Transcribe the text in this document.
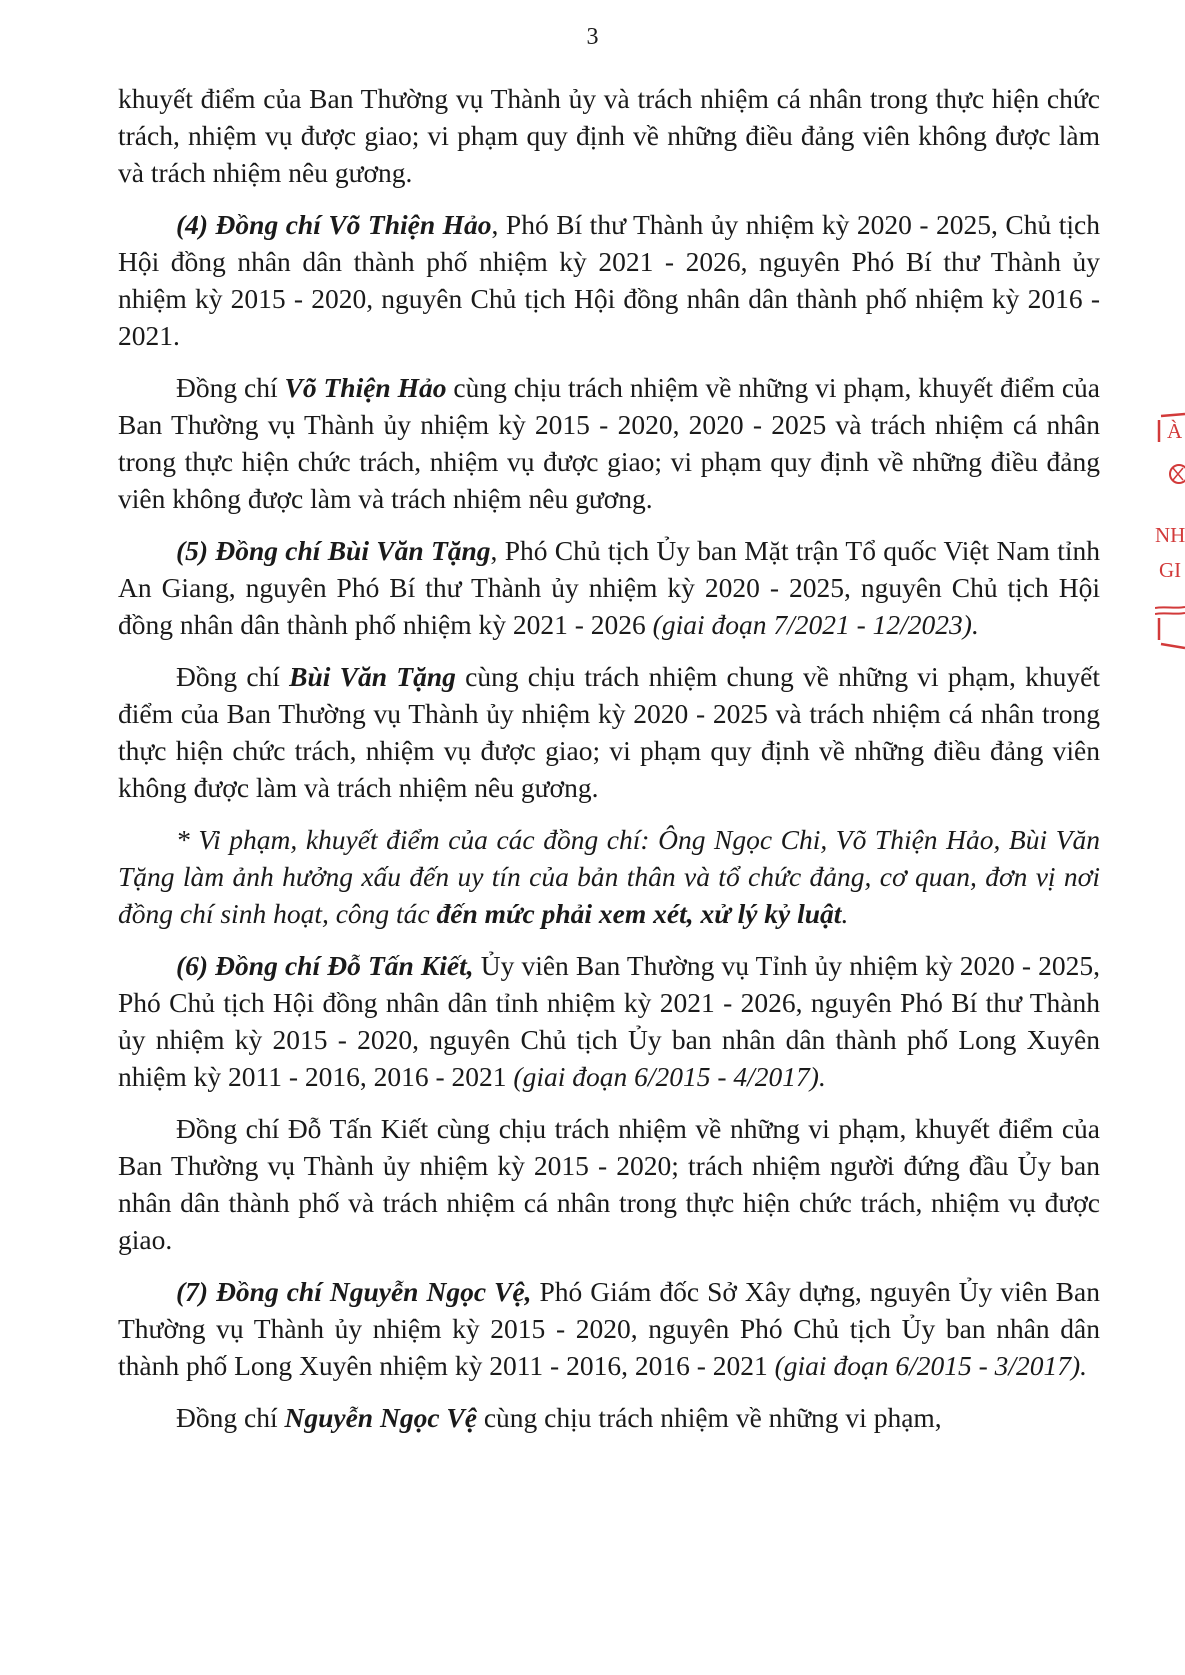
3

khuyết điểm của Ban Thường vụ Thành ủy và trách nhiệm cá nhân trong thực hiện chức trách, nhiệm vụ được giao; vi phạm quy định về những điều đảng viên không được làm và trách nhiệm nêu gương.

(4) Đồng chí Võ Thiện Hảo, Phó Bí thư Thành ủy nhiệm kỳ 2020 - 2025, Chủ tịch Hội đồng nhân dân thành phố nhiệm kỳ 2021 - 2026, nguyên Phó Bí thư Thành ủy nhiệm kỳ 2015 - 2020, nguyên Chủ tịch Hội đồng nhân dân thành phố nhiệm kỳ 2016 - 2021.

Đồng chí Võ Thiện Hảo cùng chịu trách nhiệm về những vi phạm, khuyết điểm của Ban Thường vụ Thành ủy nhiệm kỳ 2015 - 2020, 2020 - 2025 và trách nhiệm cá nhân trong thực hiện chức trách, nhiệm vụ được giao; vi phạm quy định về những điều đảng viên không được làm và trách nhiệm nêu gương.

(5) Đồng chí Bùi Văn Tặng, Phó Chủ tịch Ủy ban Mặt trận Tổ quốc Việt Nam tỉnh An Giang, nguyên Phó Bí thư Thành ủy nhiệm kỳ 2020 - 2025, nguyên Chủ tịch Hội đồng nhân dân thành phố nhiệm kỳ 2021 - 2026 (giai đoạn 7/2021 - 12/2023).

Đồng chí Bùi Văn Tặng cùng chịu trách nhiệm chung về những vi phạm, khuyết điểm của Ban Thường vụ Thành ủy nhiệm kỳ 2020 - 2025 và trách nhiệm cá nhân trong thực hiện chức trách, nhiệm vụ được giao; vi phạm quy định về những điều đảng viên không được làm và trách nhiệm nêu gương.

* Vi phạm, khuyết điểm của các đồng chí: Ông Ngọc Chi, Võ Thiện Hảo, Bùi Văn Tặng làm ảnh hưởng xấu đến uy tín của bản thân và tổ chức đảng, cơ quan, đơn vị nơi đồng chí sinh hoạt, công tác đến mức phải xem xét, xử lý kỷ luật.

(6) Đồng chí Đỗ Tấn Kiết, Ủy viên Ban Thường vụ Tỉnh ủy nhiệm kỳ 2020 - 2025, Phó Chủ tịch Hội đồng nhân dân tỉnh nhiệm kỳ 2021 - 2026, nguyên Phó Bí thư Thành ủy nhiệm kỳ 2015 - 2020, nguyên Chủ tịch Ủy ban nhân dân thành phố Long Xuyên nhiệm kỳ 2011 - 2016, 2016 - 2021 (giai đoạn 6/2015 - 4/2017).

Đồng chí Đỗ Tấn Kiết cùng chịu trách nhiệm về những vi phạm, khuyết điểm của Ban Thường vụ Thành ủy nhiệm kỳ 2015 - 2020; trách nhiệm người đứng đầu Ủy ban nhân dân thành phố và trách nhiệm cá nhân trong thực hiện chức trách, nhiệm vụ được giao.

(7) Đồng chí Nguyễn Ngọc Vệ, Phó Giám đốc Sở Xây dựng, nguyên Ủy viên Ban Thường vụ Thành ủy nhiệm kỳ 2015 - 2020, nguyên Phó Chủ tịch Ủy ban nhân dân thành phố Long Xuyên nhiệm kỳ 2011 - 2016, 2016 - 2021 (giai đoạn 6/2015 - 3/2017).

Đồng chí Nguyễn Ngọc Vệ cùng chịu trách nhiệm về những vi phạm,

À
NH
GI
